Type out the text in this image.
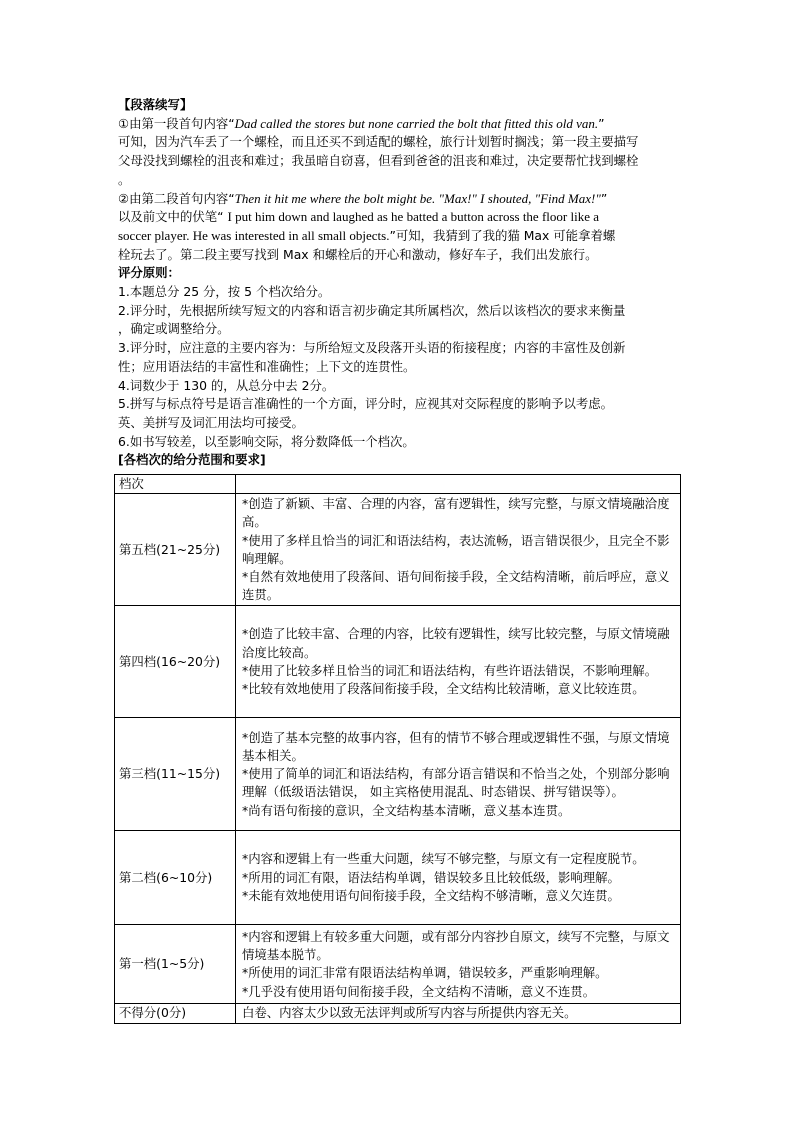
【段落续写】

①由第一段首句内容“Dad called the stores but none carried the bolt that fitted this old van.”
可知，因为汽车丢了一个螺栓，而且还买不到适配的螺栓，旅行计划暂时搁浅；第一段主要描写
父母没找到螺栓的沮丧和难过；我虽暗自窃喜，但看到爸爸的沮丧和难过，决定要帮忙找到螺栓
。

②由第二段首句内容“Then it hit me where the bolt might be. "Max!" I shouted, "Find Max!"”
以及前文中的伏笔“ I put him down and laughed as he batted a button across the floor like a
soccer player. He was interested in all small objects.”可知，我猜到了我的猫 Max 可能拿着螺
栓玩去了。第二段主要写找到 Max 和螺栓后的开心和激动，修好车子，我们出发旅行。

评分原则：

1.本题总分 25 分，按 5 个档次给分。

2.评分时，先根据所续写短文的内容和语言初步确定其所属档次，然后以该档次的要求来衡量

，确定或调整给分。

3.评分时，应注意的主要内容为：与所给短文及段落开头语的衔接程度；内容的丰富性及创新

性；应用语法结的丰富性和准确性；上下文的连贯性。

4.词数少于 130 的，从总分中去 2分。

5.拼写与标点符号是语言准确性的一个方面，评分时，应视其对交际程度的影响予以考虑。

英、美拼写及词汇用法均可接受。

6.如书写较差，以至影响交际，将分数降低一个档次。

[各档次的给分范围和要求]

档次	
第五档(21~25分)	*创造了新颖、丰富、合理的内容，富有逻辑性，续写完整，与原文情境融洽度高。
*使用了多样且恰当的词汇和语法结构，表达流畅，语言错误很少，且完全不影响理解。
*自然有效地使用了段落间、语句间衔接手段，全文结构清晰，前后呼应，意义连贯。

第四档(16~20分)	*创造了比较丰富、合理的内容，比较有逻辑性，续写比较完整，与原文情境融洽度比较高。
*使用了比较多样且恰当的词汇和语法结构，有些许语法错误，不影响理解。
*比较有效地使用了段落间衔接手段，全文结构比较清晰，意义比较连贯。

第三档(11~15分)	*创造了基本完整的故事内容，但有的情节不够合理或逻辑性不强，与原文情境基本相关。
*使用了简单的词汇和语法结构，有部分语言错误和不恰当之处，个别部分影响理解（低级语法错误， 如主宾格使用混乱、时态错误、拼写错误等）。
*尚有语句衔接的意识，全文结构基本清晰，意义基本连贯。

第二档(6~10分)	*内容和逻辑上有一些重大问题，续写不够完整，与原文有一定程度脱节。
*所用的词汇有限，语法结构单调，错误较多且比较低级，影响理解。
*未能有效地使用语句间衔接手段，全文结构不够清晰，意义欠连贯。

第一档(1~5分)	*内容和逻辑上有较多重大问题，或有部分内容抄自原文，续写不完整，与原文情境基本脱节。
*所使用的词汇非常有限语法结构单调，错误较多，严重影响理解。
*几乎没有使用语句间衔接手段，全文结构不清晰，意义不连贯。

不得分(0分)	白卷、内容太少以致无法评判或所写内容与所提供内容无关。
